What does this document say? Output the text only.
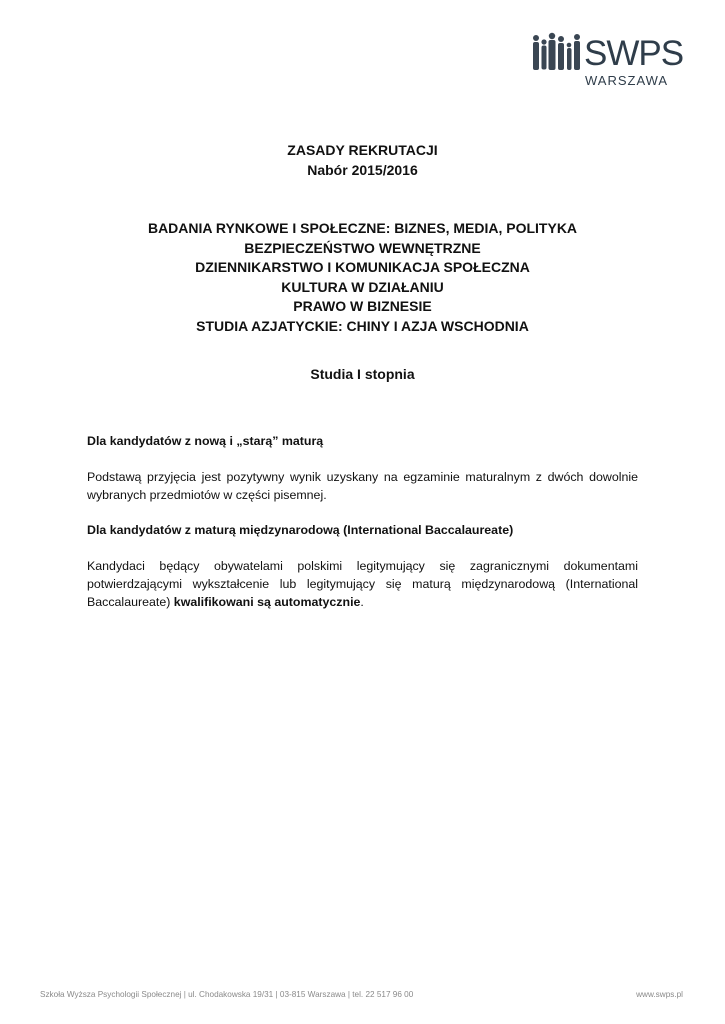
SWPS
WARSZAWA
ZASADY REKRUTACJI
Nabór 2015/2016
BADANIA RYNKOWE I SPOŁECZNE: BIZNES, MEDIA, POLITYKA
BEZPIECZEŃSTWO WEWNĘTRZNE
DZIENNIKARSTWO I KOMUNIKACJA SPOŁECZNA
KULTURA W DZIAŁANIU
PRAWO W BIZNESIE
STUDIA AZJATYCKIE: CHINY I AZJA WSCHODNIA
Studia I stopnia
Dla kandydatów z nową i „starą” maturą
Podstawą przyjęcia jest pozytywny wynik uzyskany na egzaminie maturalnym z dwóch dowolnie wybranych przedmiotów w części pisemnej.
Dla kandydatów z maturą międzynarodową (International Baccalaureate)
Kandydaci będący obywatelami polskimi legitymujący się zagranicznymi dokumentami potwierdzającymi wykształcenie lub legitymujący się maturą międzynarodową (International Baccalaureate) kwalifikowani są automatycznie.
Szkoła Wyższa Psychologii Społecznej | ul. Chodakowska 19/31 | 03-815 Warszawa | tel. 22 517 96 00	www.swps.pl
